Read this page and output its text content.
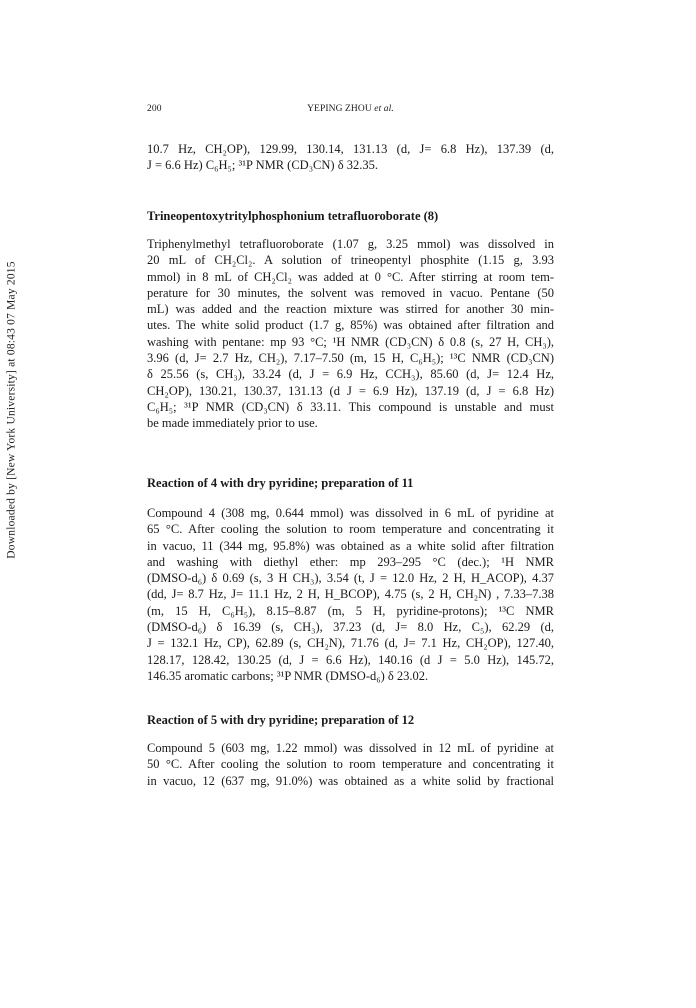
Downloaded by [New York University] at 08:43 07 May 2015
200	YEPING ZHOU et al.
10.7 Hz, CH₂OP), 129.99, 130.14, 131.13 (d, J= 6.8 Hz), 137.39 (d,
J = 6.6 Hz) C₆H₅; ³¹P NMR (CD₃CN) δ 32.35.
Trineopentoxytritylphosphonium tetrafluoroborate (8)
Triphenylmethyl tetrafluoroborate (1.07 g, 3.25 mmol) was dissolved in
20 mL of CH₂Cl₂. A solution of trineopentyl phosphite (1.15 g, 3.93
mmol) in 8 mL of CH₂Cl₂ was added at 0 °C. After stirring at room tem-
perature for 30 minutes, the solvent was removed in vacuo. Pentane (50
mL) was added and the reaction mixture was stirred for another 30 min-
utes. The white solid product (1.7 g, 85%) was obtained after filtration and
washing with pentane: mp 93 °C; ¹H NMR (CD₃CN) δ 0.8 (s, 27 H, CH₃),
3.96 (d, J= 2.7 Hz, CH₂), 7.17–7.50 (m, 15 H, C₆H₅); ¹³C NMR (CD₃CN)
δ 25.56 (s, CH₃), 33.24 (d, J = 6.9 Hz, CCH₃), 85.60 (d, J= 12.4 Hz,
CH₂OP), 130.21, 130.37, 131.13 (d J = 6.9 Hz), 137.19 (d, J = 6.8 Hz)
C₆H₅; ³¹P NMR (CD₃CN) δ 33.11. This compound is unstable and must
be made immediately prior to use.
Reaction of 4 with dry pyridine; preparation of 11
Compound 4 (308 mg, 0.644 mmol) was dissolved in 6 mL of pyridine at
65 °C. After cooling the solution to room temperature and concentrating it
in vacuo, 11 (344 mg, 95.8%) was obtained as a white solid after filtration
and washing with diethyl ether: mp 293–295 °C (dec.); ¹H NMR
(DMSO-d₆) δ 0.69 (s, 3 H CH₃), 3.54 (t, J = 12.0 Hz, 2 H, H_ACOP), 4.37
(dd, J= 8.7 Hz, J= 11.1 Hz, 2 H, H_BCOP), 4.75 (s, 2 H, CH₂N) , 7.33–7.38
(m, 15 H, C₆H₅), 8.15–8.87 (m, 5 H, pyridine-protons); ¹³C NMR
(DMSO-d₆) δ 16.39 (s, CH₃), 37.23 (d, J= 8.0 Hz, C₅), 62.29 (d,
J = 132.1 Hz, CP), 62.89 (s, CH₂N), 71.76 (d, J= 7.1 Hz, CH₂OP), 127.40,
128.17, 128.42, 130.25 (d, J = 6.6 Hz), 140.16 (d J = 5.0 Hz), 145.72,
146.35 aromatic carbons; ³¹P NMR (DMSO-d₆) δ 23.02.
Reaction of 5 with dry pyridine; preparation of 12
Compound 5 (603 mg, 1.22 mmol) was dissolved in 12 mL of pyridine at
50 °C. After cooling the solution to room temperature and concentrating it
in vacuo, 12 (637 mg, 91.0%) was obtained as a white solid by fractional
